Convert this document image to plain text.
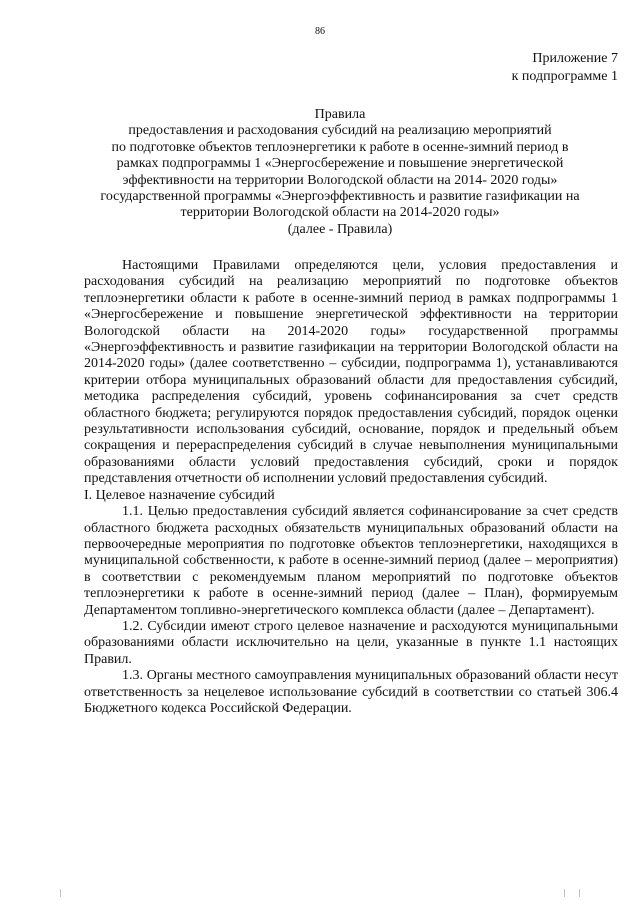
86
Приложение 7
к подпрограмме 1
Правила
предоставления и расходования субсидий на реализацию мероприятий
по подготовке объектов теплоэнергетики к работе в осенне-зимний период в
рамках подпрограммы 1 «Энергосбережение и повышение энергетической
эффективности на территории Вологодской области на 2014- 2020 годы»
государственной программы «Энергоэффективность и развитие газификации на
территории Вологодской области на 2014-2020 годы»
(далее - Правила)

Настоящими Правилами определяются цели, условия предоставления и расходования субсидий на реализацию мероприятий по подготовке объектов теплоэнергетики области к работе в осенне-зимний период в рамках подпрограммы 1 «Энергосбережение и повышение энергетической эффективности на территории Вологодской области на 2014-2020 годы» государственной программы «Энергоэффективность и развитие газификации на территории Вологодской области на 2014-2020 годы» (далее соответственно – субсидии, подпрограмма 1), устанавливаются критерии отбора муниципальных образований области для предоставления субсидий, методика распределения субсидий, уровень софинансирования за счет средств областного бюджета; регулируются порядок предоставления субсидий, порядок оценки результативности использования субсидий, основание, порядок и предельный объем сокращения и перераспределения субсидий в случае невыполнения муниципальными образованиями области условий предоставления субсидий, сроки и порядок представления отчетности об исполнении условий предоставления субсидий.

I. Целевое назначение субсидий

1.1. Целью предоставления субсидий является софинансирование за счет средств областного бюджета расходных обязательств муниципальных образований области на первоочередные мероприятия по подготовке объектов теплоэнергетики, находящихся в муниципальной собственности, к работе в осенне-зимний период (далее – мероприятия) в соответствии с рекомендуемым планом мероприятий по подготовке объектов теплоэнергетики к работе в осенне-зимний период (далее – План), формируемым Департаментом топливно-энергетического комплекса области (далее – Департамент).

1.2. Субсидии имеют строго целевое назначение и расходуются муниципальными образованиями области исключительно на цели, указанные в пункте 1.1 настоящих Правил.

1.3. Органы местного самоуправления муниципальных образований области несут ответственность за нецелевое использование субсидий в соответствии со статьей 306.4 Бюджетного кодекса Российской Федерации.
